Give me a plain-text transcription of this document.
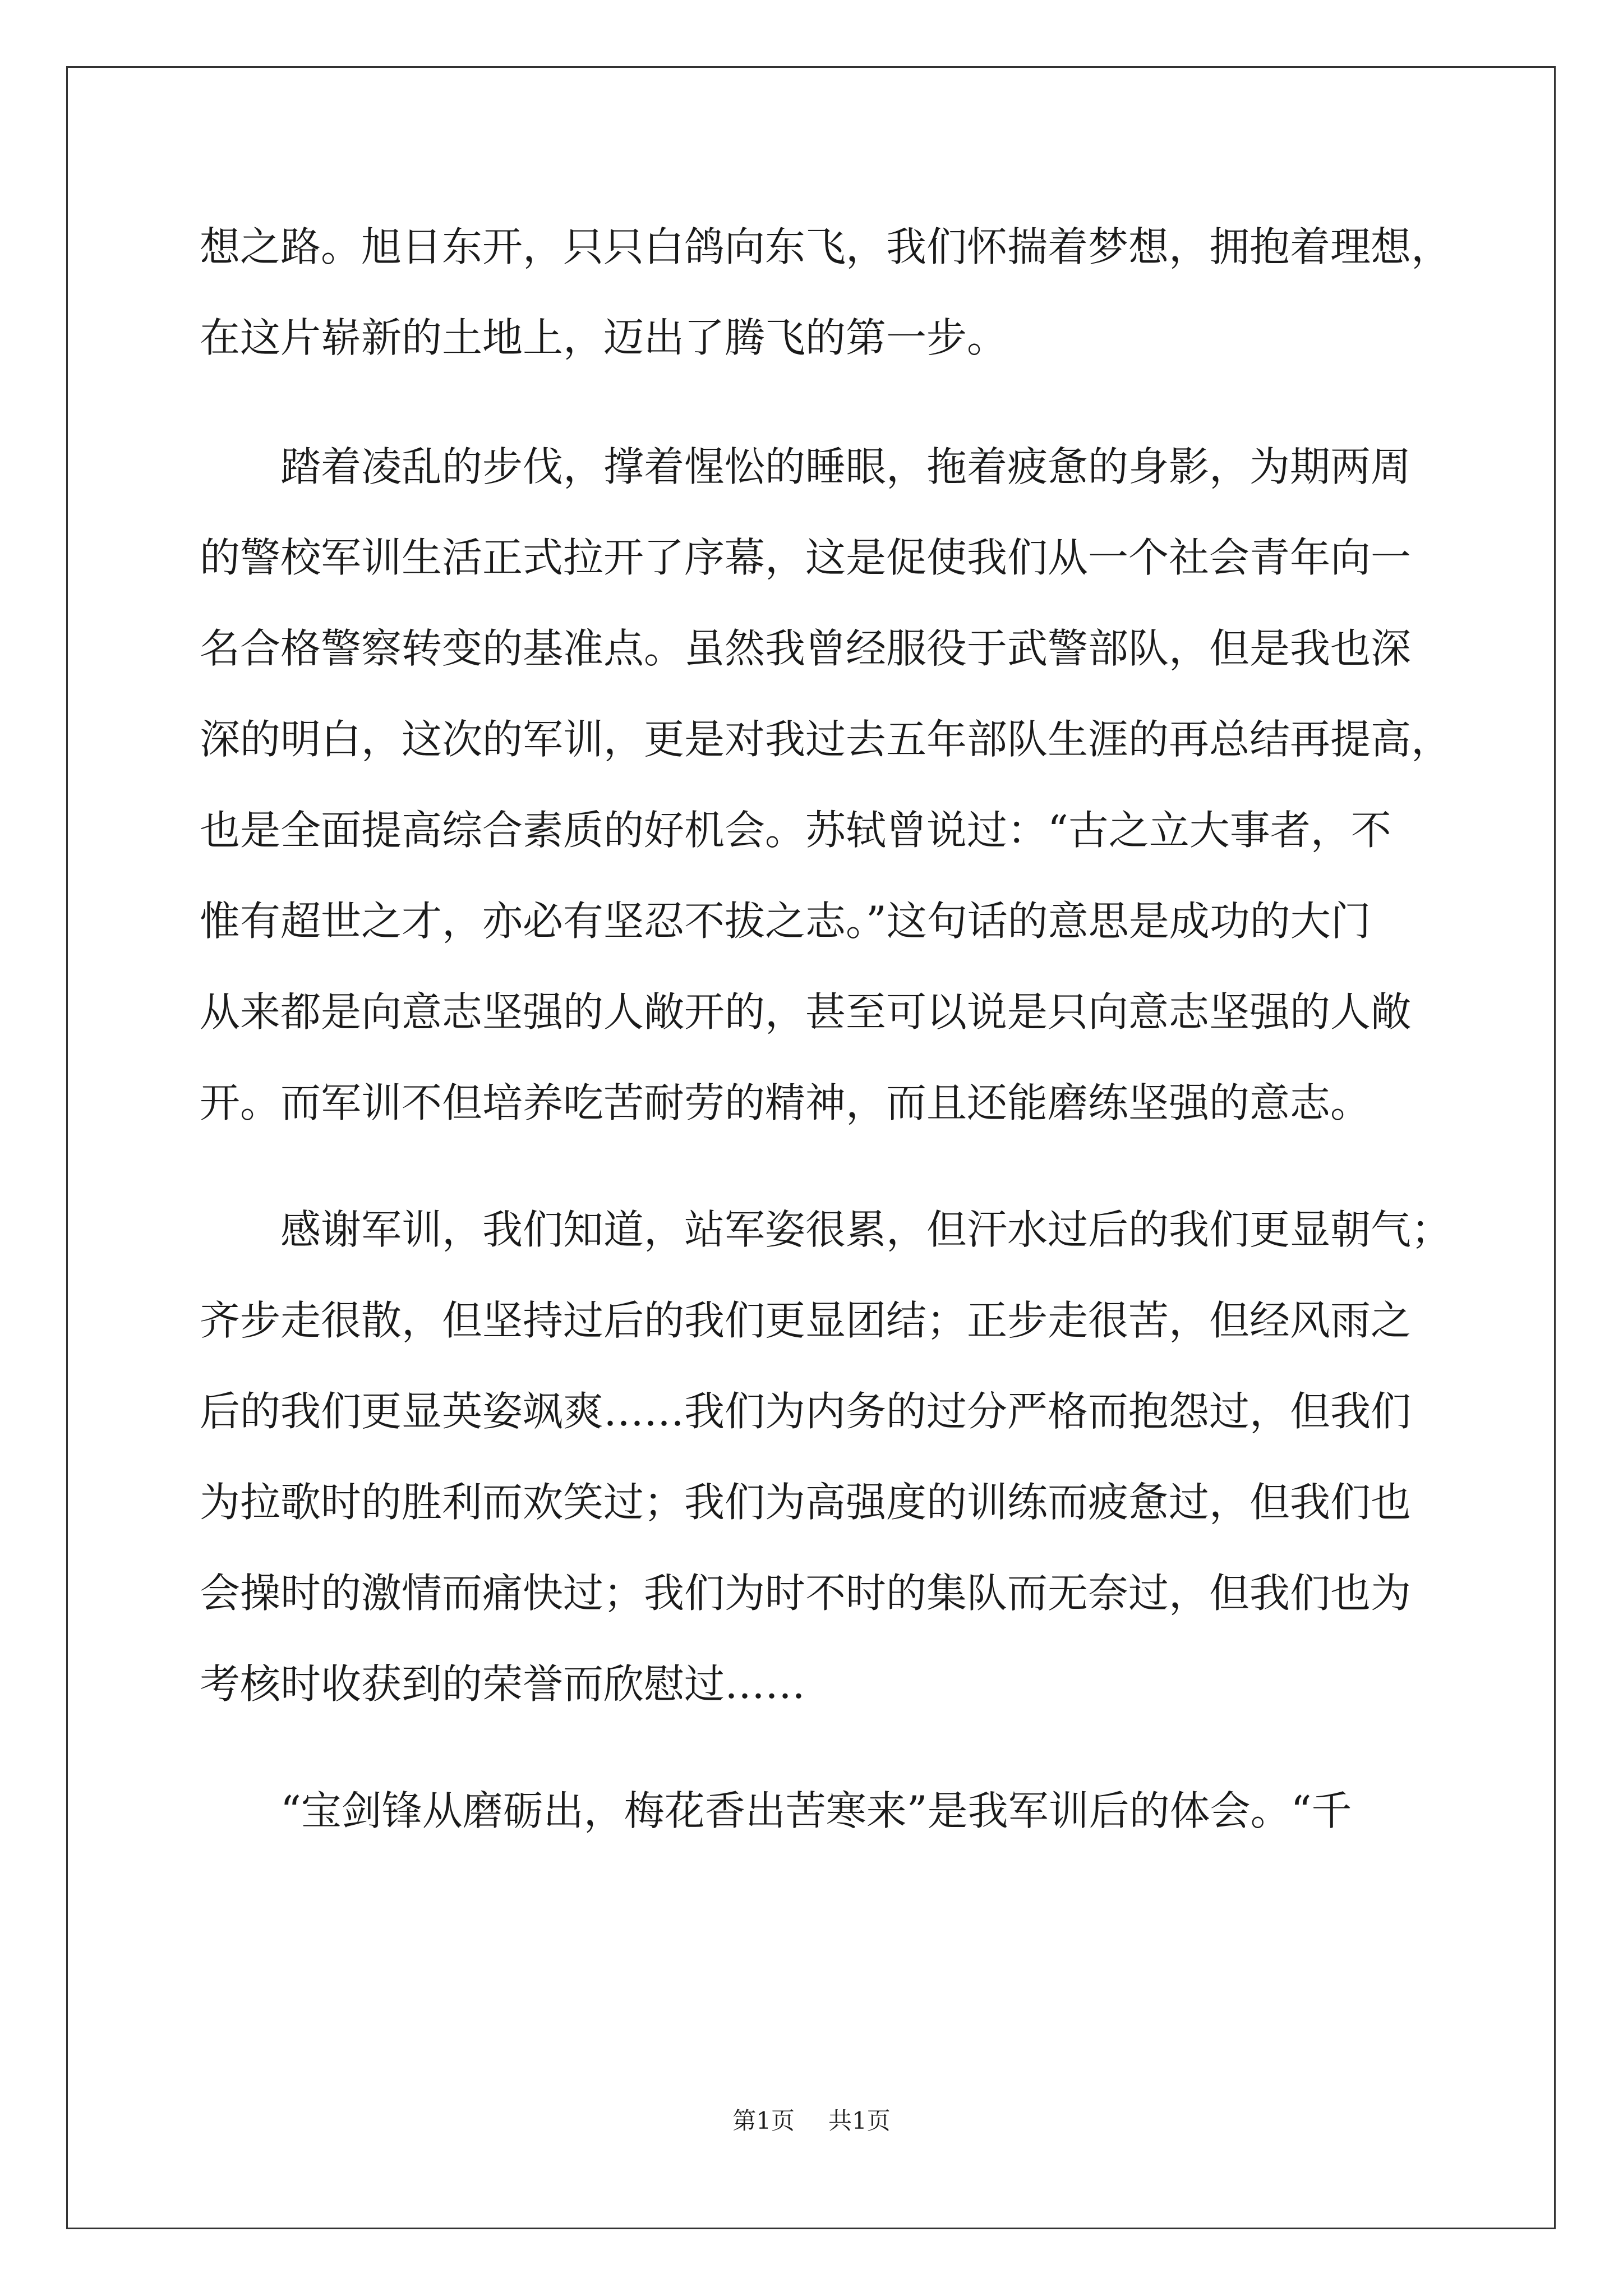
想之路。旭日东开，只只白鸽向东飞，我们怀揣着梦想，拥抱着理想，
在这片崭新的土地上，迈出了腾飞的第一步。
踏着凌乱的步伐，撑着惺忪的睡眼，拖着疲惫的身影，为期两周
的警校军训生活正式拉开了序幕，这是促使我们从一个社会青年向一
名合格警察转变的基准点。虽然我曾经服役于武警部队，但是我也深
深的明白，这次的军训，更是对我过去五年部队生涯的再总结再提高，
也是全面提高综合素质的好机会。苏轼曾说过：“古之立大事者，不
惟有超世之才，亦必有坚忍不拔之志。”这句话的意思是成功的大门
从来都是向意志坚强的人敞开的，甚至可以说是只向意志坚强的人敞
开。而军训不但培养吃苦耐劳的精神，而且还能磨练坚强的意志。
感谢军训，我们知道，站军姿很累，但汗水过后的我们更显朝气；
齐步走很散，但坚持过后的我们更显团结；正步走很苦，但经风雨之
后的我们更显英姿飒爽……我们为内务的过分严格而抱怨过，但我们
为拉歌时的胜利而欢笑过；我们为高强度的训练而疲惫过，但我们也
会操时的激情而痛快过；我们为时不时的集队而无奈过，但我们也为
考核时收获到的荣誉而欣慰过……
“宝剑锋从磨砺出，梅花香出苦寒来”是我军训后的体会。“千
第1页 共1页
